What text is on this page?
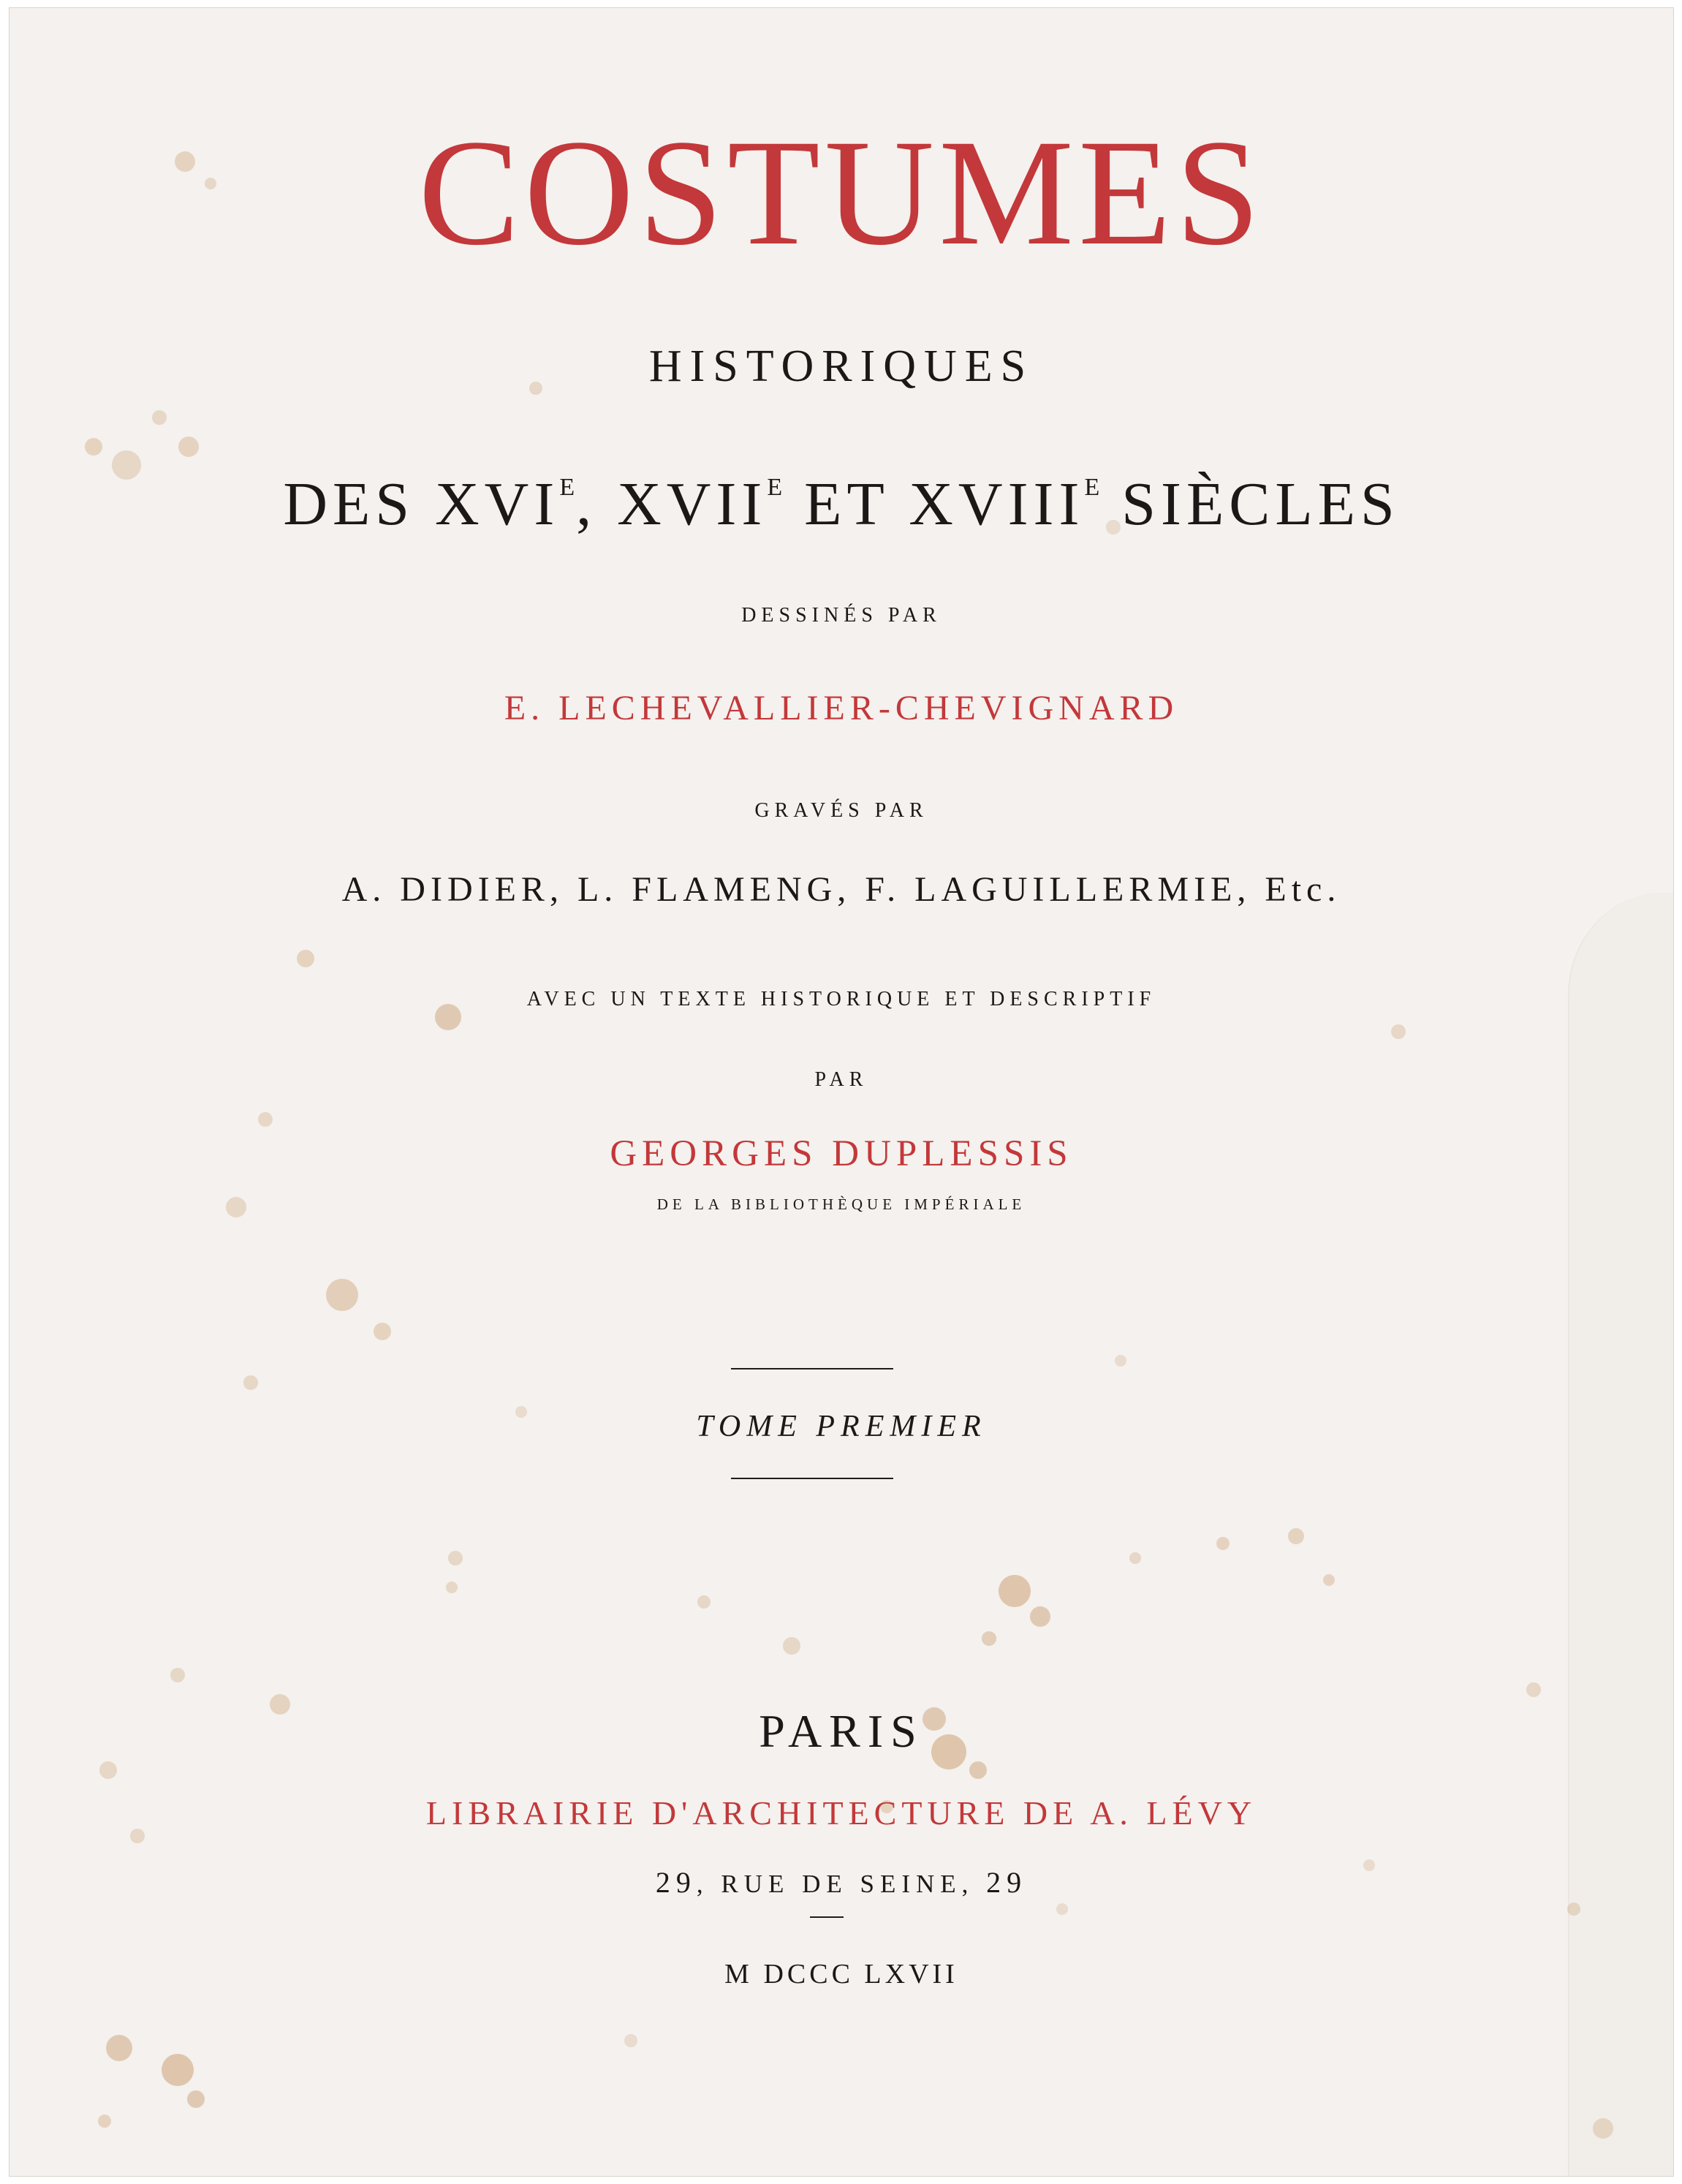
COSTUMES
HISTORIQUES
DES $XVI^E$, $XVII^E$ ET $XVIII^E$ SIÈCLES
DESSINÉS PAR
E. LECHEVALLIER-CHEVIGNARD
GRAVÉS PAR
A. DIDIER, L. FLAMENG, F. LAGUILLERMIE, Etc.
AVEC UN TEXTE HISTORIQUE ET DESCRIPTIF
PAR
GEORGES DUPLESSIS
DE LA BIBLIOTHÈQUE IMPÉRIALE
TOME PREMIER
PARIS
LIBRAIRIE D'ARCHITECTURE DE A. LÉVY
29, RUE DE SEINE, 29
M DCCC LXVII
